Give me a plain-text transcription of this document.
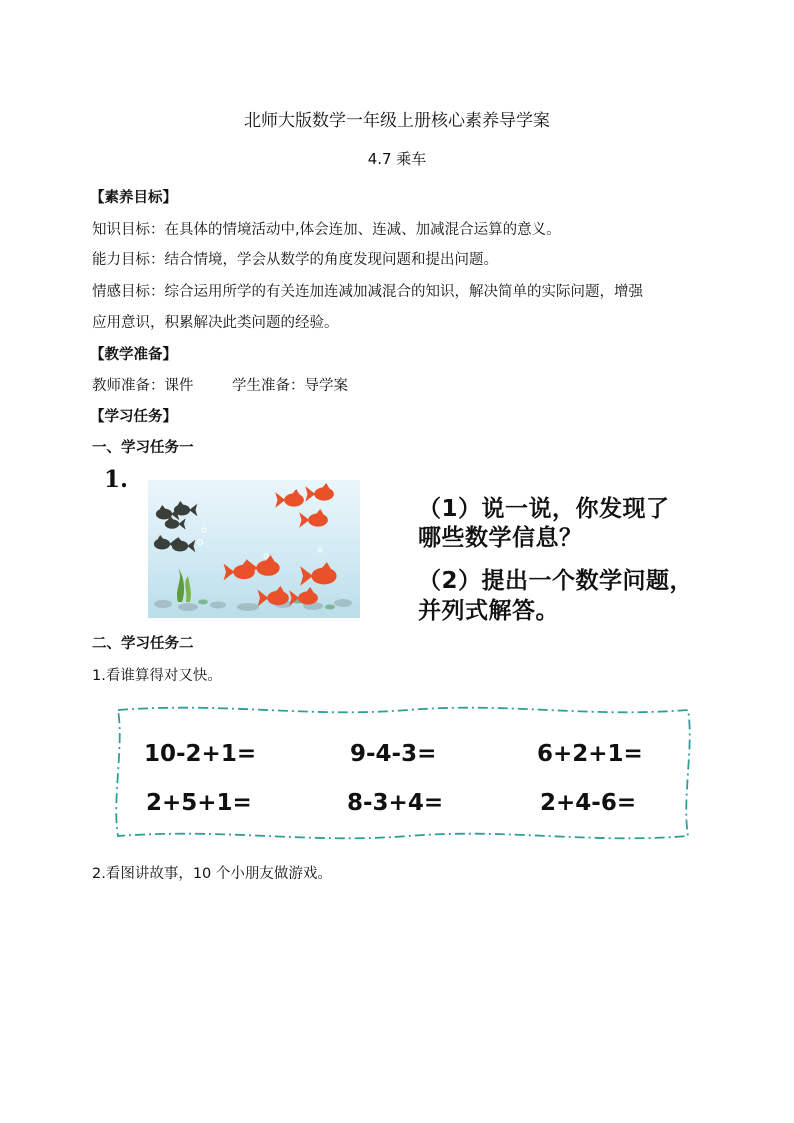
北师大版数学一年级上册核心素养导学案
4.7 乘车
【素养目标】
知识目标：在具体的情境活动中,体会连加、连减、加减混合运算的意义。
能力目标：结合情境，学会从数学的角度发现问题和提出问题。
情感目标：综合运用所学的有关连加连减加减混合的知识，解决简单的实际问题，增强
应用意识，积累解决此类问题的经验。
【教学准备】
教师准备：课件	学生准备：导学案
【学习任务】
一、学习任务一
1.
（1）说一说，你发现了
哪些数学信息？
（2）提出一个数学问题，
并列式解答。
二、学习任务二
1.看谁算得对又快。
10-2+1=	9-4-3=	6+2+1=
2+5+1=	8-3+4=	2+4-6=
2.看图讲故事，10 个小朋友做游戏。
